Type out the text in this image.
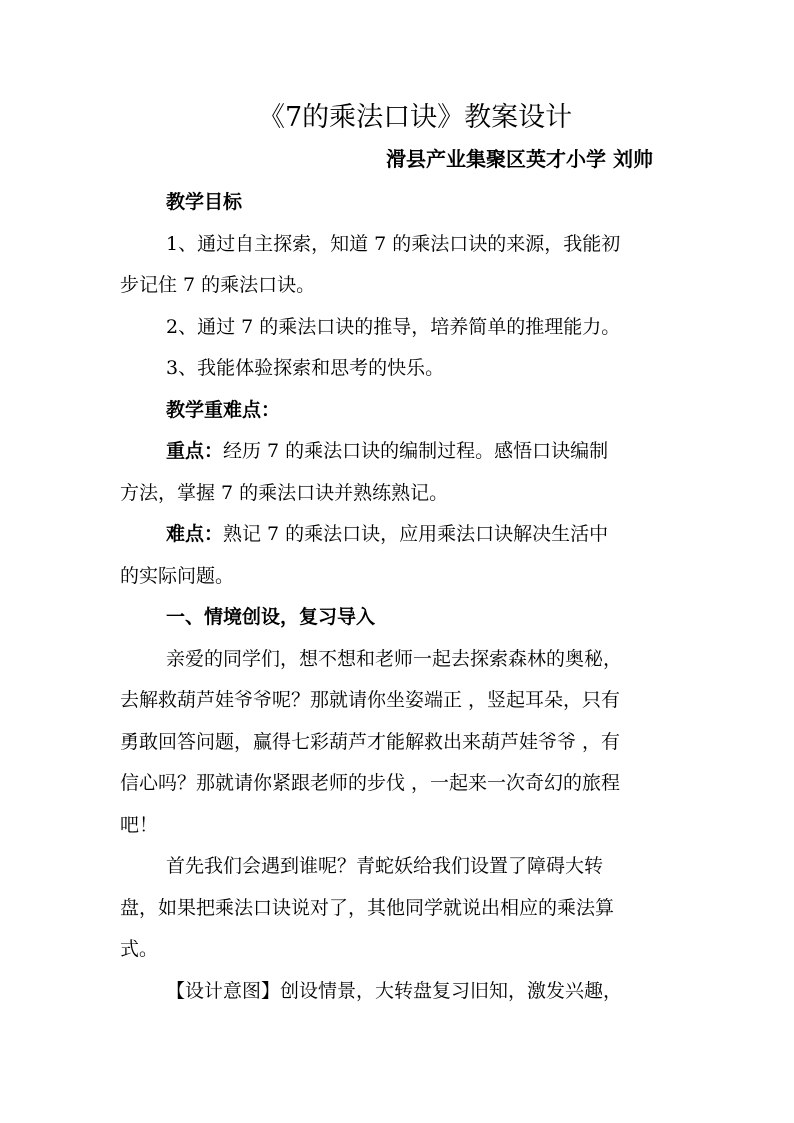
《7的乘法口诀》教案设计
滑县产业集聚区英才小学 刘帅
教学目标
1、通过自主探索，知道 7 的乘法口诀的来源，我能初
步记住 7 的乘法口诀。
2、通过 7 的乘法口诀的推导，培养简单的推理能力。
3、我能体验探索和思考的快乐。
教学重难点：
重点：经历 7 的乘法口诀的编制过程。感悟口诀编制
方法，掌握 7 的乘法口诀并熟练熟记。
难点：熟记 7 的乘法口诀，应用乘法口诀解决生活中
的实际问题。
一、情境创设，复习导入
亲爱的同学们，想不想和老师一起去探索森林的奥秘，
去解救葫芦娃爷爷呢？那就请你坐姿端正 ，竖起耳朵，只有
勇敢回答问题，赢得七彩葫芦才能解救出来葫芦娃爷爷 ，有
信心吗？那就请你紧跟老师的步伐 ，一起来一次奇幻的旅程
吧！
首先我们会遇到谁呢？青蛇妖给我们设置了障碍大转
盘，如果把乘法口诀说对了，其他同学就说出相应的乘法算
式。
【设计意图】创设情景，大转盘复习旧知，激发兴趣，
